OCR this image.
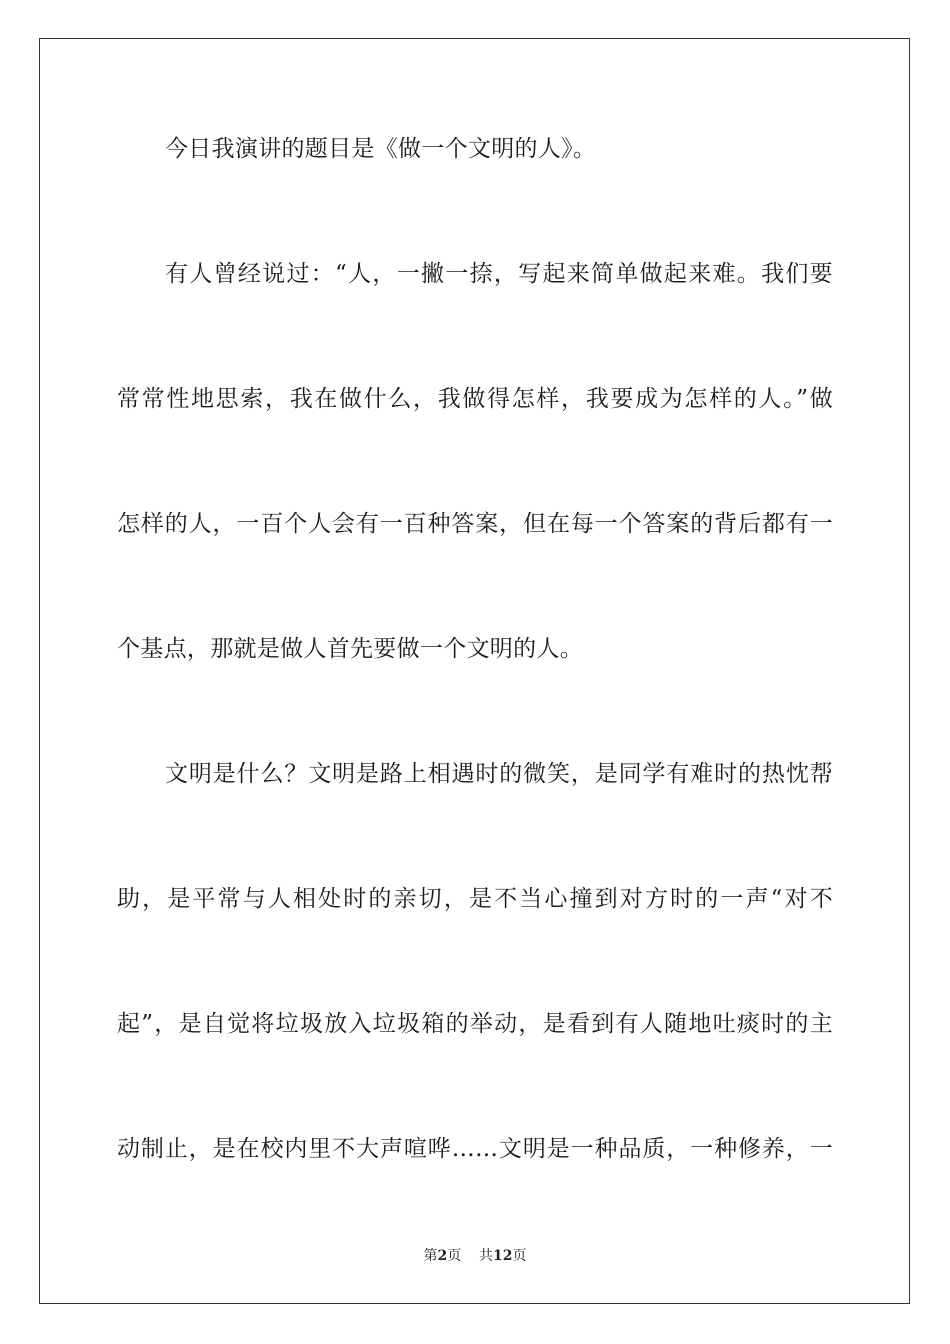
今日我演讲的题目是《做一个文明的人》。
有人曾经说过：“人，一撇一捺，写起来简单做起来难。我们要
常常性地思索，我在做什么，我做得怎样，我要成为怎样的人。”做
怎样的人，一百个人会有一百种答案，但在每一个答案的背后都有一
个基点，那就是做人首先要做一个文明的人。
文明是什么？文明是路上相遇时的微笑，是同学有难时的热忱帮
助，是平常与人相处时的亲切，是不当心撞到对方时的一声“对不
起”，是自觉将垃圾放入垃圾箱的举动，是看到有人随地吐痰时的主
动制止，是在校内里不大声喧哗……文明是一种品质，一种修养，一
第2页 共12页
